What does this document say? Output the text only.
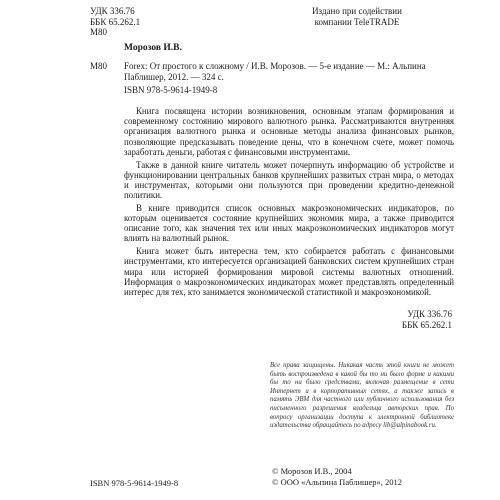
УДК 336.76
ББК 65.262.1
М80
Издано при содействии
компании TeleTRADE
Морозов И.В.
М80 Forex: От простого к сложному / И.В. Морозов. — 5-е издание — М.: Альпина Паблишер, 2012. — 324 с.
ISBN 978-5-9614-1949-8

Книга посвящена истории возникновения, основным этапам формирования и современному состоянию мирового валютного рынка. Рассматриваются внутренняя организация валютного рынка и основные методы анализа финансовых рынков, позволяющие предсказывать поведение цены, что в конечном счете, может помочь заработать деньги, работая с финансовыми инструментами.

Также в данной книге читатель может почерпнуть информацию об устройстве и функционировании центральных банков крупнейших развитых стран мира, о методах и инструментах, которыми они пользуются при проведении кредитно-денежной политики.

В книге приводится список основных макроэкономических индикаторов, по которым оценивается состояние крупнейших экономик мира, а также приводится описание того, как значения тех или иных макроэкономических индикаторов могут влиять на валютный рынок.

Книга может быть интересна тем, кто собирается работать с финансовыми инструментами, кто интересуется организацией банковских систем крупнейших стран мира или историей формирования мировой системы валютных отношений. Информация о макроэкономических индикаторах может представлять определенный интерес для тех, кто занимается экономической статистикой и макроэкономикой.

УДК 336.76
ББК 65.262.1
Все права защищены. Никакая часть этой книги не может быть воспроизведена в какой бы то ни было форме и какими бы то ни было средствами, включая размещение в сети Интернет и в корпоративных сетях, а также запись в память ЭВМ для частного или публичного использования без письменного разрешения владельца авторских прав. По вопросу организации доступа к электронной библиотеке издательства обращайтесь по адресу lib@alpinabook.ru.
ISBN 978-5-9614-1949-8
© Морозов И.В., 2004
© ООО «Альпина Паблишер», 2012
